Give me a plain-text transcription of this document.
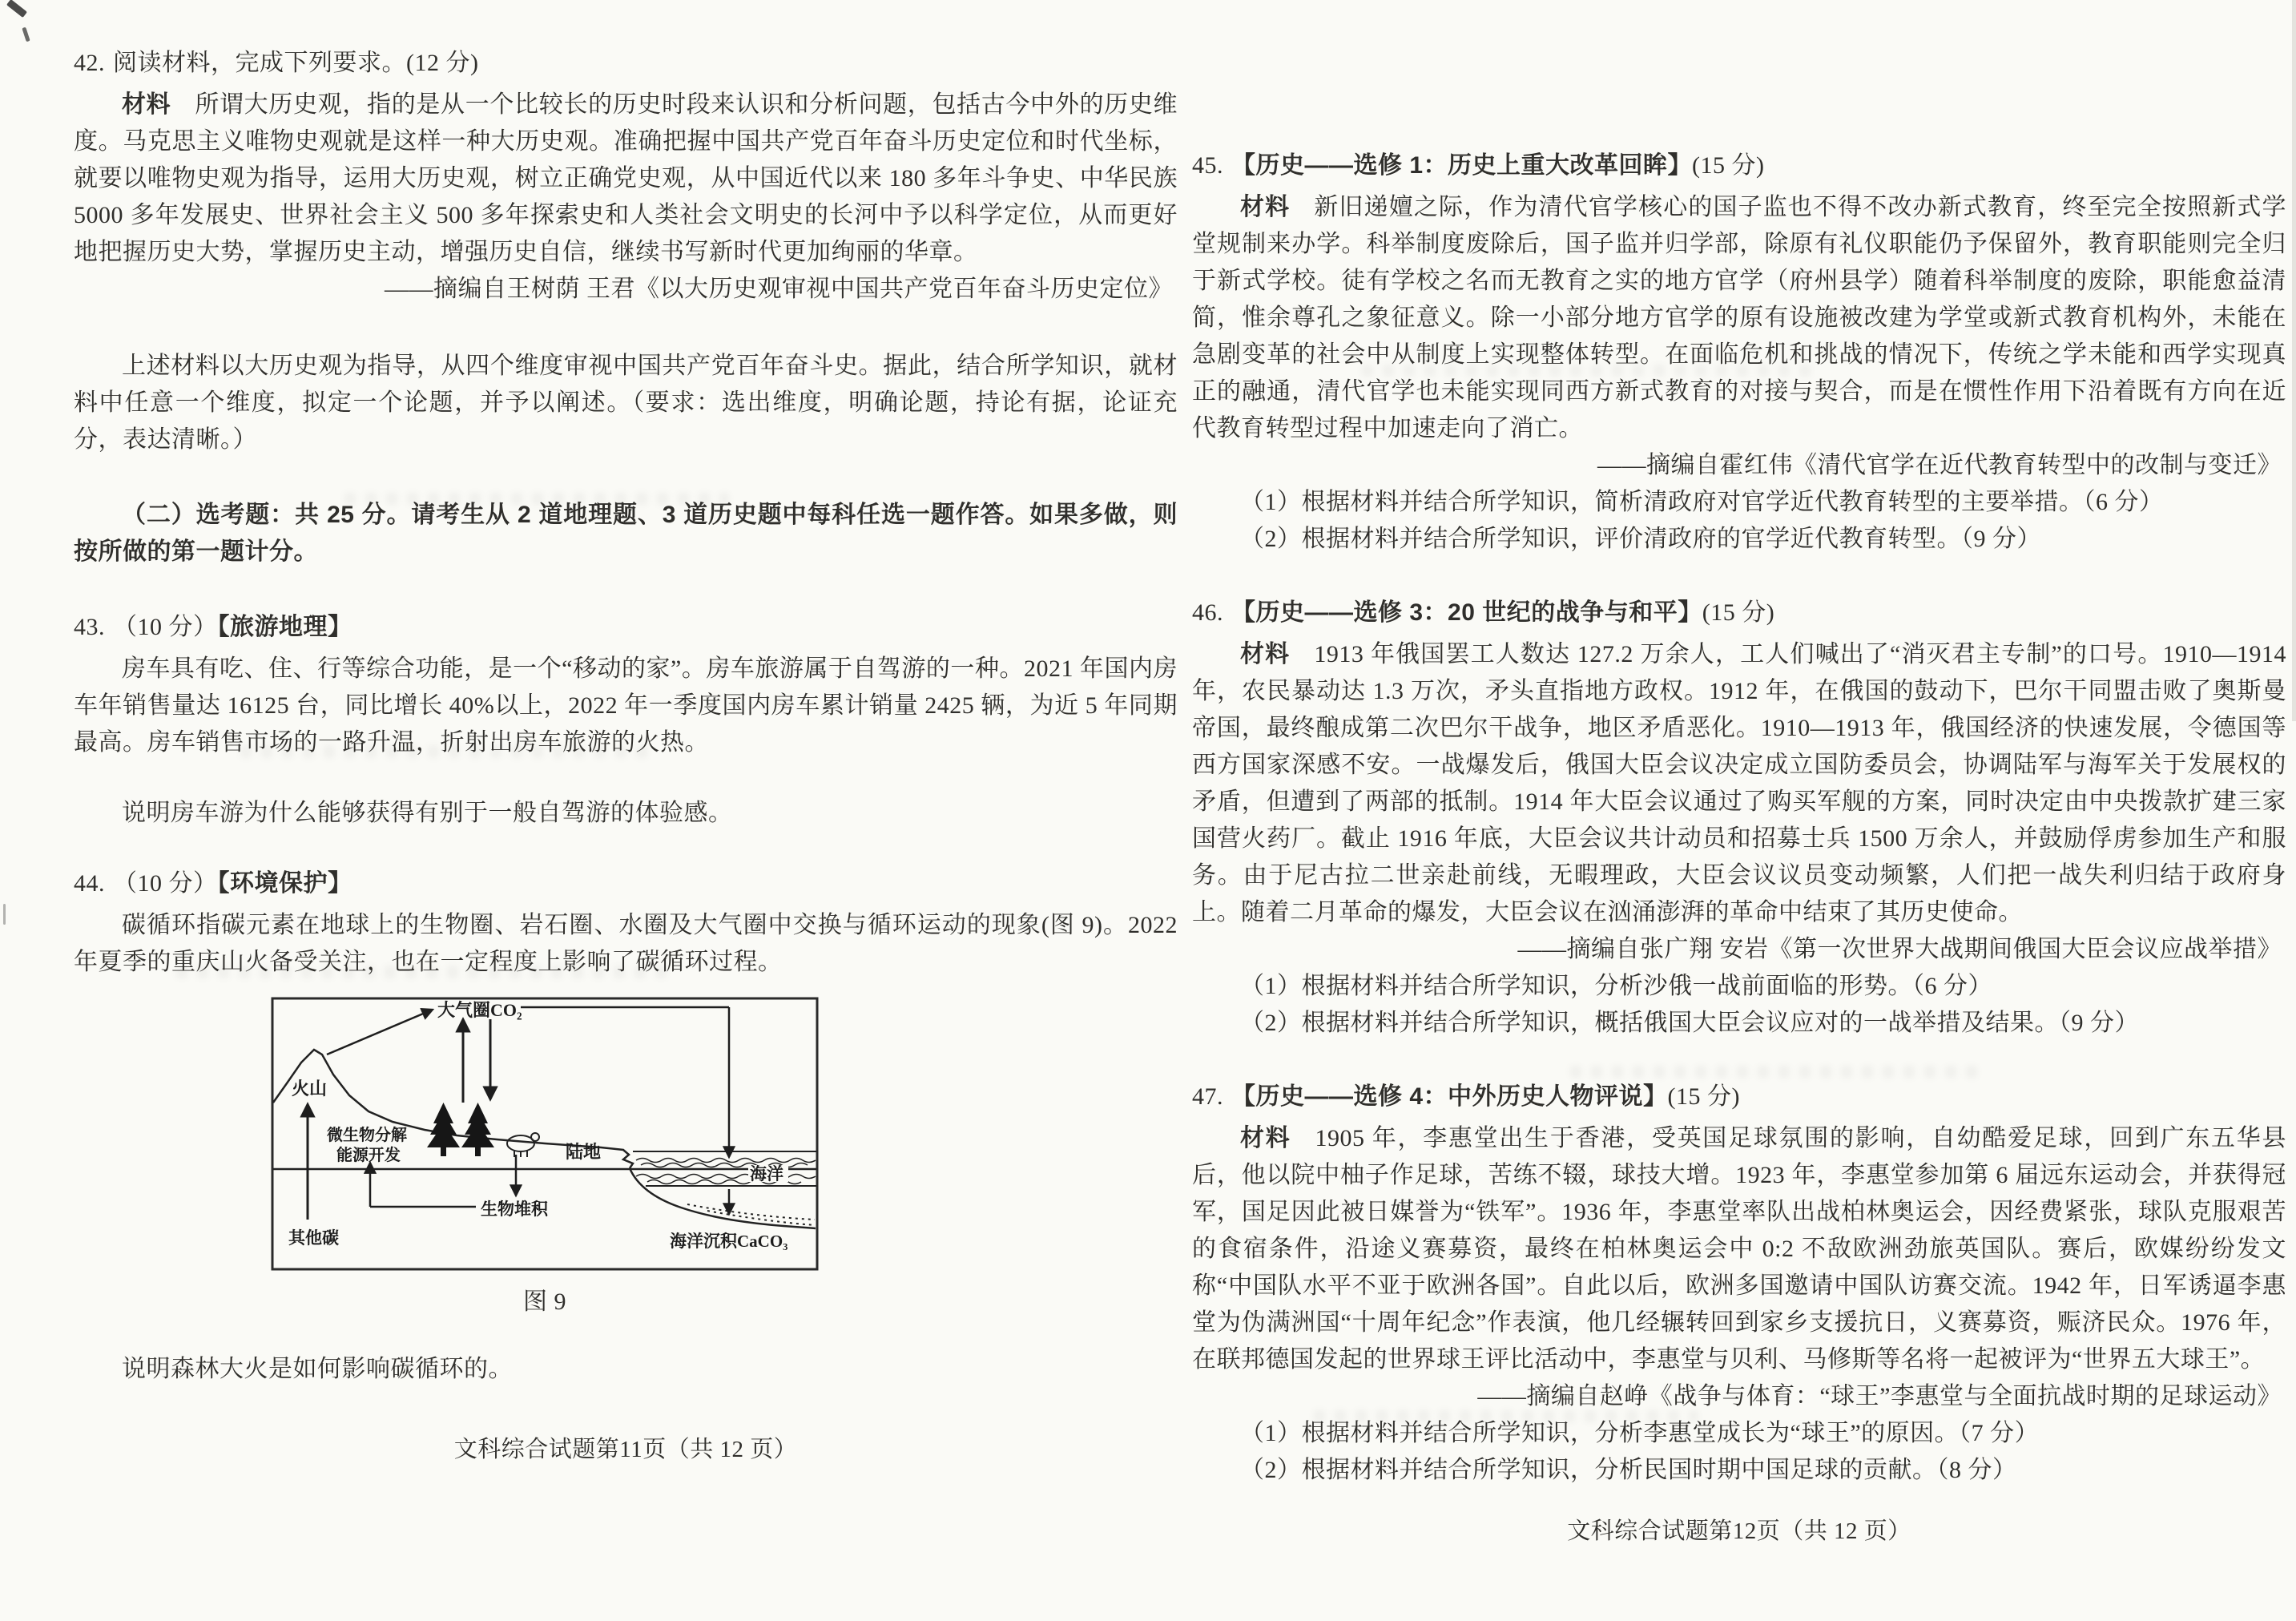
42. 阅读材料，完成下列要求。(12 分)

材料 所谓大历史观，指的是从一个比较长的历史时段来认识和分析问题，包括古今中外的历史维度。马克思主义唯物史观就是这样一种大历史观。准确把握中国共产党百年奋斗历史定位和时代坐标，就要以唯物史观为指导，运用大历史观，树立正确党史观，从中国近代以来 180 多年斗争史、中华民族 5000 多年发展史、世界社会主义 500 多年探索史和人类社会文明史的长河中予以科学定位，从而更好地把握历史大势，掌握历史主动，增强历史自信，继续书写新时代更加绚丽的华章。

——摘编自王树荫 王君《以大历史观审视中国共产党百年奋斗历史定位》

上述材料以大历史观为指导，从四个维度审视中国共产党百年奋斗史。据此，结合所学知识，就材料中任意一个维度，拟定一个论题，并予以阐述。（要求：选出维度，明确论题，持论有据，论证充分，表达清晰。）

（二）选考题：共 25 分。请考生从 2 道地理题、3 道历史题中每科任选一题作答。如果多做，则按所做的第一题计分。

43. （10 分）【旅游地理】

房车具有吃、住、行等综合功能，是一个“移动的家”。房车旅游属于自驾游的一种。2021 年国内房车年销售量达 16125 台，同比增长 40%以上，2022 年一季度国内房车累计销量 2425 辆，为近 5 年同期最高。房车销售市场的一路升温，折射出房车旅游的火热。

说明房车游为什么能够获得有别于一般自驾游的体验感。

44. （10 分）【环境保护】

碳循环指碳元素在地球上的生物圈、岩石圈、水圈及大气圈中交换与循环运动的现象(图 9)。2022 年夏季的重庆山火备受关注，也在一定程度上影响了碳循环过程。

大气圈CO₂
火山
微生物分解
能源开发
生物堆积
陆地
海洋
海洋沉积CaCO₃
其他碳

图 9

说明森林大火是如何影响碳循环的。

文科综合试题第11页（共 12 页）

45. 【历史——选修 1：历史上重大改革回眸】(15 分)

材料 新旧递嬗之际，作为清代官学核心的国子监也不得不改办新式教育，终至完全按照新式学堂规制来办学。科举制度废除后，国子监并归学部，除原有礼仪职能仍予保留外，教育职能则完全归于新式学校。徒有学校之名而无教育之实的地方官学（府州县学）随着科举制度的废除，职能愈益清简，惟余尊孔之象征意义。除一小部分地方官学的原有设施被改建为学堂或新式教育机构外，未能在急剧变革的社会中从制度上实现整体转型。在面临危机和挑战的情况下，传统之学未能和西学实现真正的融通，清代官学也未能实现同西方新式教育的对接与契合，而是在惯性作用下沿着既有方向在近代教育转型过程中加速走向了消亡。

——摘编自霍红伟《清代官学在近代教育转型中的改制与变迁》

（1）根据材料并结合所学知识，简析清政府对官学近代教育转型的主要举措。（6 分）

（2）根据材料并结合所学知识，评价清政府的官学近代教育转型。（9 分）

46. 【历史——选修 3：20 世纪的战争与和平】(15 分)

材料 1913 年俄国罢工人数达 127.2 万余人，工人们喊出了“消灭君主专制”的口号。1910—1914 年，农民暴动达 1.3 万次，矛头直指地方政权。1912 年，在俄国的鼓动下，巴尔干同盟击败了奥斯曼帝国，最终酿成第二次巴尔干战争，地区矛盾恶化。1910—1913 年，俄国经济的快速发展，令德国等西方国家深感不安。一战爆发后，俄国大臣会议决定成立国防委员会，协调陆军与海军关于发展权的矛盾，但遭到了两部的抵制。1914 年大臣会议通过了购买军舰的方案，同时决定由中央拨款扩建三家国营火药厂。截止 1916 年底，大臣会议共计动员和招募士兵 1500 万余人，并鼓励俘虏参加生产和服务。由于尼古拉二世亲赴前线，无暇理政，大臣会议议员变动频繁，人们把一战失利归结于政府身上。随着二月革命的爆发，大臣会议在汹涌澎湃的革命中结束了其历史使命。

——摘编自张广翔 安岩《第一次世界大战期间俄国大臣会议应战举措》

（1）根据材料并结合所学知识，分析沙俄一战前面临的形势。（6 分）

（2）根据材料并结合所学知识，概括俄国大臣会议应对的一战举措及结果。（9 分）

47. 【历史——选修 4：中外历史人物评说】(15 分)

材料 1905 年，李惠堂出生于香港，受英国足球氛围的影响，自幼酷爱足球，回到广东五华县后，他以院中柚子作足球，苦练不辍，球技大增。1923 年，李惠堂参加第 6 届远东运动会，并获得冠军，国足因此被日媒誉为“铁军”。1936 年，李惠堂率队出战柏林奥运会，因经费紧张，球队克服艰苦的食宿条件，沿途义赛募资，最终在柏林奥运会中 0:2 不敌欧洲劲旅英国队。赛后，欧媒纷纷发文称“中国队水平不亚于欧洲各国”。自此以后，欧洲多国邀请中国队访赛交流。1942 年，日军诱逼李惠堂为伪满洲国“十周年纪念”作表演，他几经辗转回到家乡支援抗日，义赛募资，赈济民众。1976 年，在联邦德国发起的世界球王评比活动中，李惠堂与贝利、马修斯等名将一起被评为“世界五大球王”。

——摘编自赵峥《战争与体育：“球王”李惠堂与全面抗战时期的足球运动》

（1）根据材料并结合所学知识，分析李惠堂成长为“球王”的原因。（7 分）

（2）根据材料并结合所学知识，分析民国时期中国足球的贡献。（8 分）

文科综合试题第12页（共 12 页）
